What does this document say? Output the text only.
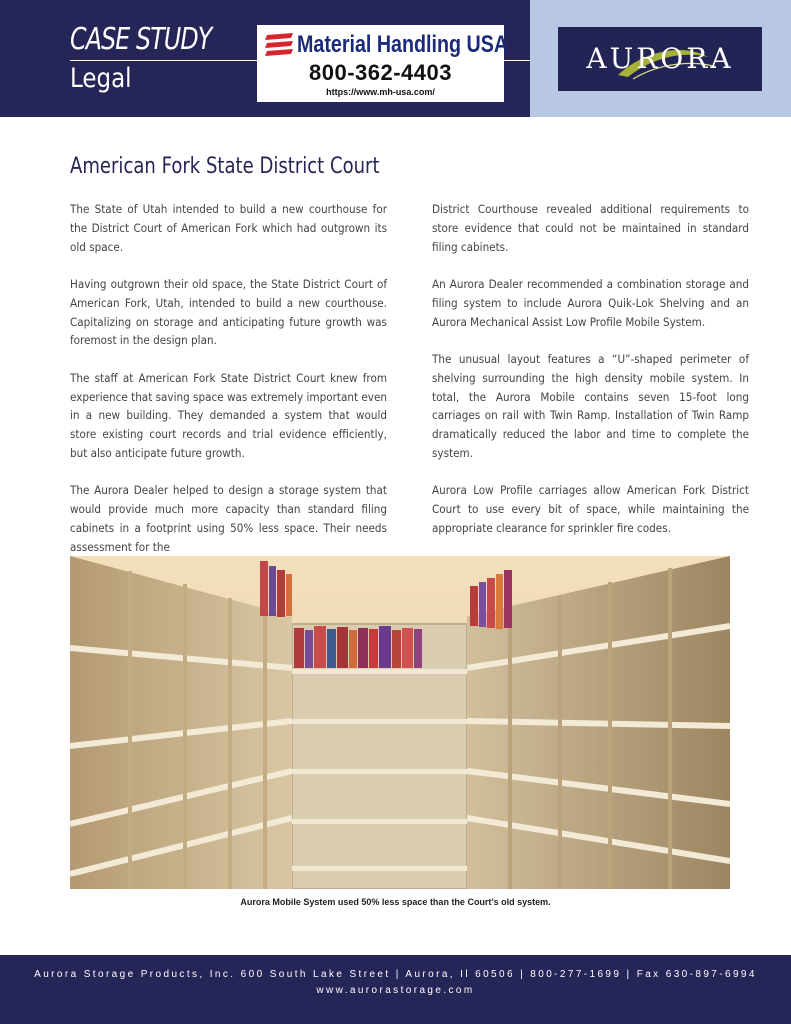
CASE STUDY
Legal
Material Handling USA
800-362-4403
https://www.mh-usa.com/
AURORA
American Fork State District Court

The State of Utah intended to build a new courthouse for the District Court of American Fork which had outgrown its old space.

Having outgrown their old space, the State District Court of American Fork, Utah, intended to build a new courthouse. Capitalizing on storage and anticipating future growth was foremost in the design plan.

The staff at American Fork State District Court knew from experience that saving space was extremely important even in a new building. They demanded a system that would store existing court records and trial evidence efficiently, but also anticipate future growth.

The Aurora Dealer helped to design a storage system that would provide much more capacity than standard filing cabinets in a footprint using 50% less space. Their needs assessment for the

District Courthouse revealed additional requirements to store evidence that could not be maintained in standard filing cabinets.

An Aurora Dealer recommended a combination storage and filing system to include Aurora Quik-Lok Shelving and an Aurora Mechanical Assist Low Profile Mobile System.

The unusual layout features a “U”-shaped perimeter of shelving surrounding the high density mobile system. In total, the Aurora Mobile contains seven 15-foot long carriages on rail with Twin Ramp. Installation of Twin Ramp dramatically reduced the labor and time to complete the system.

Aurora Low Profile carriages allow American Fork District Court to use every bit of space, while maintaining the appropriate clearance for sprinkler fire codes.

Aurora Mobile System used 50% less space than the Court’s old system.
Aurora Storage Products, Inc. 600 South Lake Street | Aurora, Il 60506 | 800-277-1699 | Fax 630-897-6994
www.aurorastorage.com
